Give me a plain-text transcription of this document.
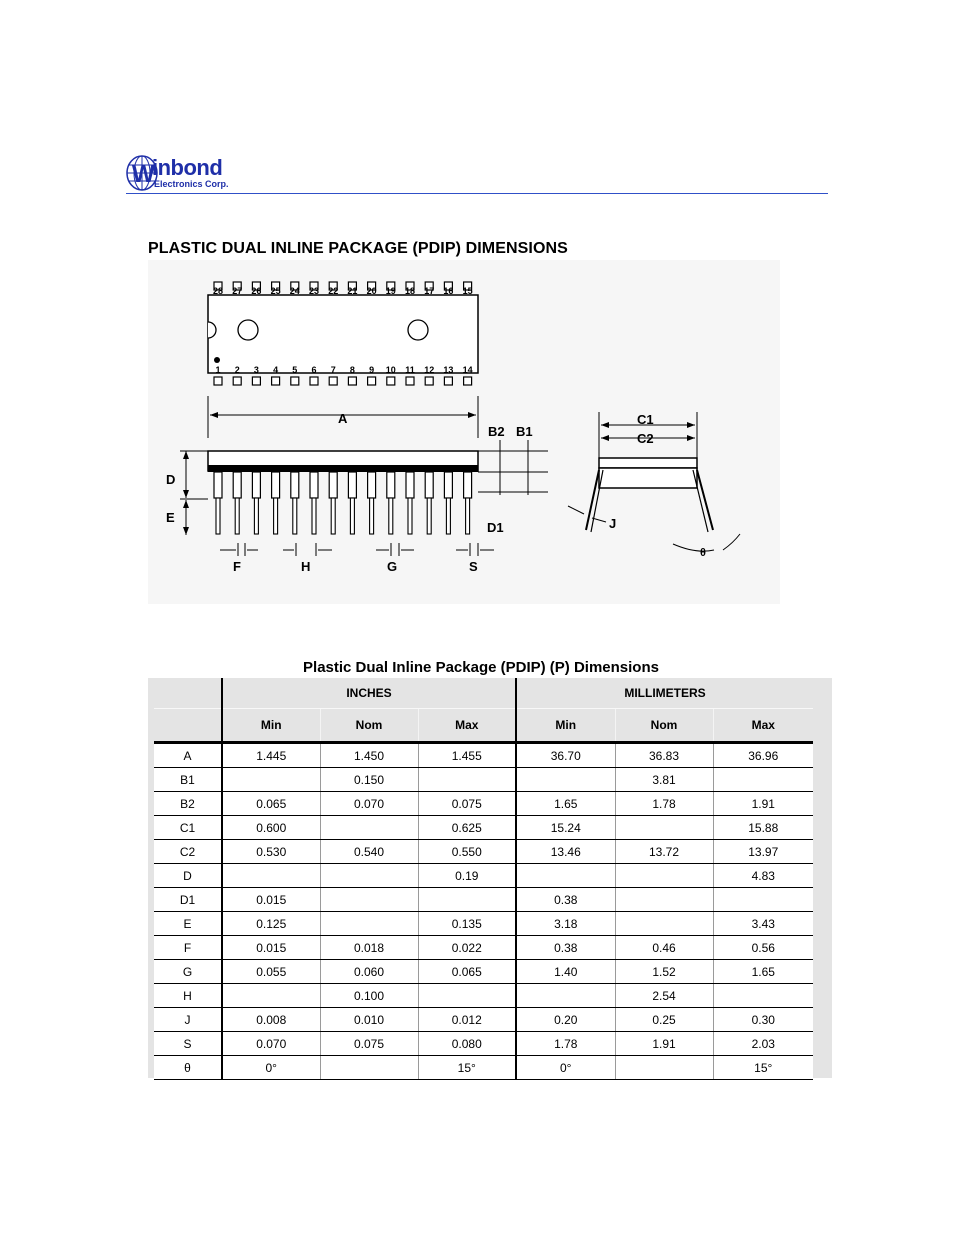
W
inbond
Electronics Corp.
PLASTIC DUAL INLINE PACKAGE (PDIP) DIMENSIONS
28 27 26 25 24 23 22 21 20 19 18 17 16 15
1 2 3 4 5 6 7 8 9 10 11 12 13 14
A
B2 B1
D
E
D1
F	H	G	S
C1
C2
J
θ
Plastic Dual Inline Package (PDIP) (P) Dimensions
	INCHES			MILLIMETERS		
	Min	Nom	Max	Min	Nom	Max
A	1.445	1.450	1.455	36.70	36.83	36.96
B1		0.150			3.81	
B2	0.065	0.070	0.075	1.65	1.78	1.91
C1	0.600		0.625	15.24		15.88
C2	0.530	0.540	0.550	13.46	13.72	13.97
D			0.19			4.83
D1	0.015			0.38		
E	0.125		0.135	3.18		3.43
F	0.015	0.018	0.022	0.38	0.46	0.56
G	0.055	0.060	0.065	1.40	1.52	1.65
H		0.100			2.54	
J	0.008	0.010	0.012	0.20	0.25	0.30
S	0.070	0.075	0.080	1.78	1.91	2.03
θ	0°		15°	0°		15°
